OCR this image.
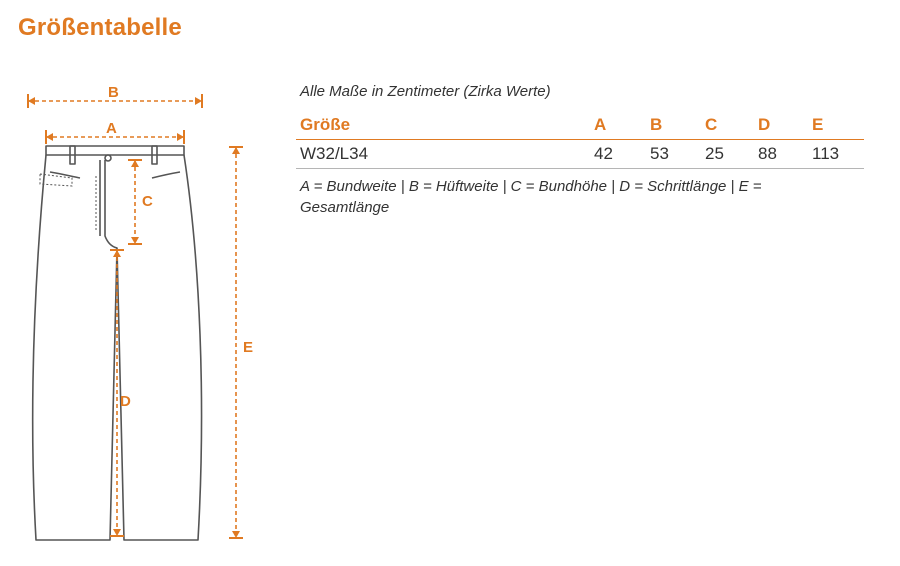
Größentabelle
B
A
C
D
E
Alle Maße in Zentimeter (Zirka Werte)
Größe	A	B	C D E
W32/L34	42 53 25 88 113
A = Bundweite | B = Hüftweite | C = Bundhöhe | D = Schrittlänge | E = Gesamtlänge
